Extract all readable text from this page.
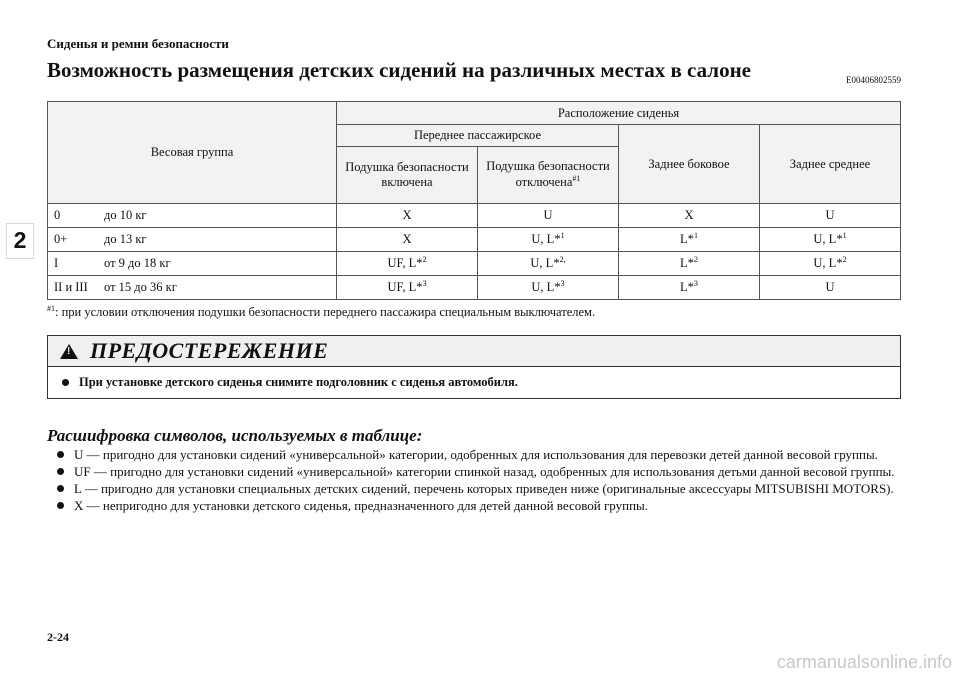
Сиденья и ремни безопасности
Возможность размещения детских сидений на различных местах в салоне	E00406802559
2
Весовая группа	Расположение сиденья			
	Переднее пассажирское		Заднее боковое	Заднее среднее
	Подушка безопасности включена	Подушка безопасности отключена$^{\#1}$

0 до 10 кг	X	U	X	U

0+ до 13 кг	X	U, L*$^1$	L*$^1$	U, L*$^1$

I от 9 до 18 кг	UF, L*$^2$	U, L*$^{2,}$	L*$^2$	U, L*$^2$

II и III от 15 до 36 кг	UF, L*$^3$	U, L*$^3$	L*$^3$	U
$^{\#1}$: при условии отключения подушки безопасности переднего пассажира специальным выключателем.
!
ПРЕДОСТЕРЕЖЕНИЕ
При установке детского сиденья снимите подголовник с сиденья автомобиля.
Расшифровка символов, используемых в таблице:
U — пригодно для установки сидений «универсальной» категории, одобренных для использования для перевозки детей данной весовой группы.
UF — пригодно для установки сидений «универсальной» категории спинкой назад, одобренных для использования детьми данной весовой группы.
L — пригодно для установки специальных детских сидений, перечень которых приведен ниже (оригинальные аксессуары MITSUBISHI MOTORS).
X — непригодно для установки детского сиденья, предназначенного для детей данной весовой группы.
2-24
carmanualsonline.info
